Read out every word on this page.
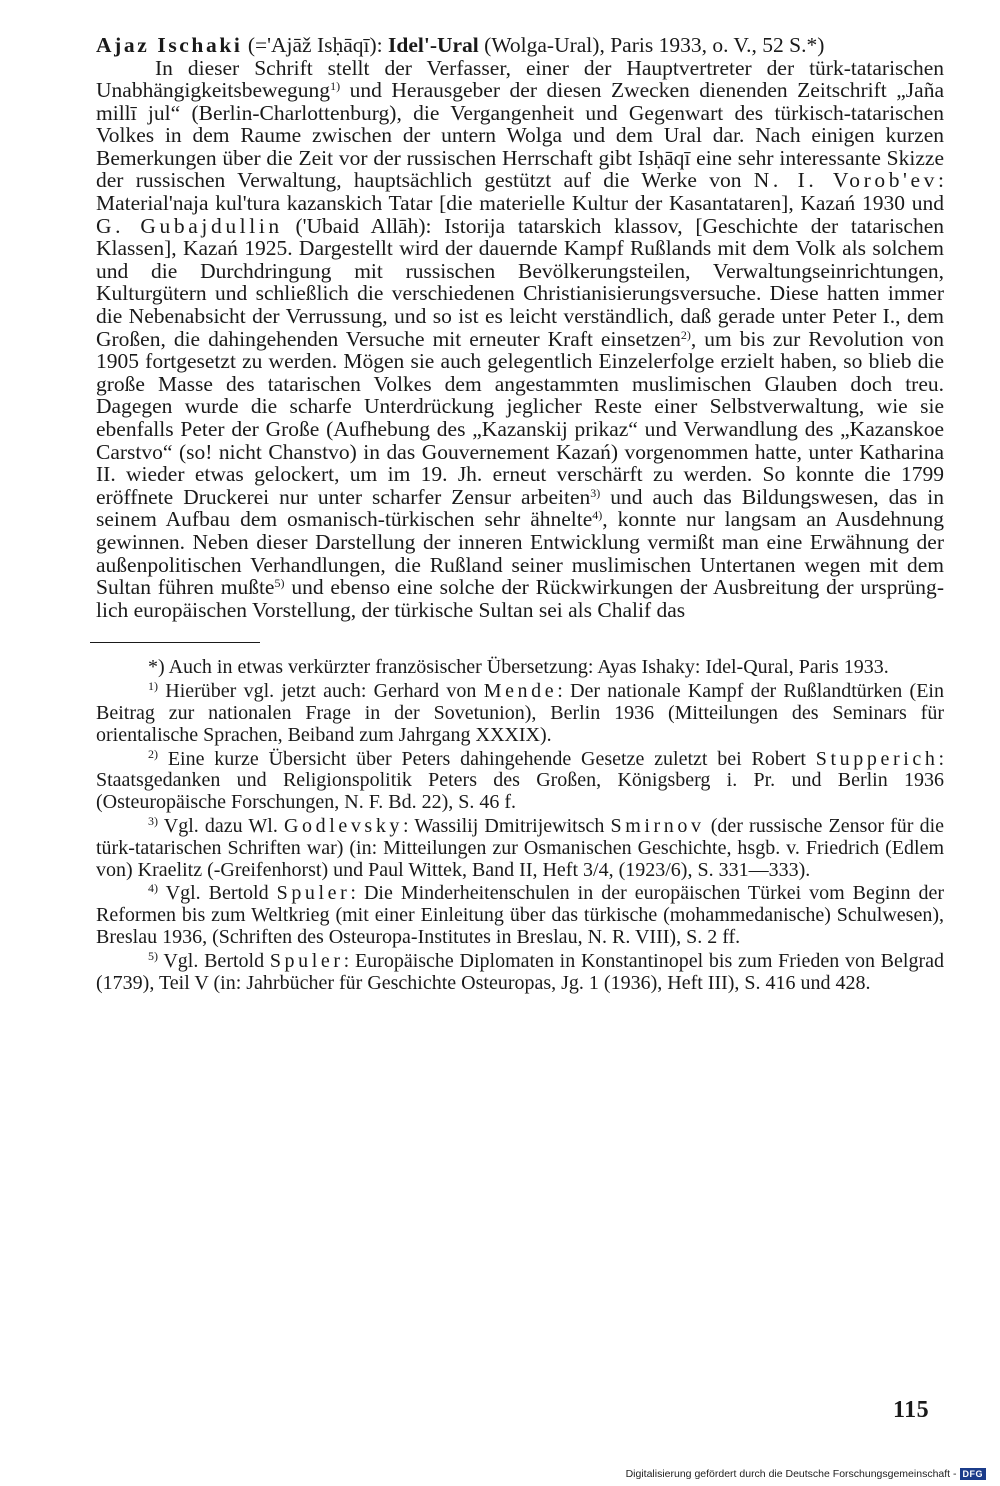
Ajaz Ischaki (='Ajāž Isḥāqī): Idel'-Ural (Wolga-Ural), Paris 1933, o. V., 52 S.*)

In dieser Schrift stellt der Verfasser, einer der Hauptvertreter der türk-tatarischen Unabhängigkeitsbewegung$^{1)}$ und Herausgeber der diesen Zwecken dienenden Zeitschrift „Jaña millī jul“ (Berlin-Charlottenburg), die Vergangenheit und Gegenwart des türkisch-tatarischen Volkes in dem Raume zwischen der untern Wolga und dem Ural dar. Nach einigen kurzen Bemerkungen über die Zeit vor der russischen Herrschaft gibt Isḥāqī eine sehr interessante Skizze der russischen Verwaltung, hauptsächlich gestützt auf die Werke von N. I. Vorob'ev: Material'naja kul'tura kazanskich Tatar [die materielle Kultur der Kasantataren], Kazań 1930 und G. Gubajdullin ('Ubaid Allāh): Istorija tatarskich klassov, [Geschichte der tatarischen Klassen], Kazań 1925. Dargestellt wird der dauernde Kampf Rußlands mit dem Volk als solchem und die Durchdringung mit russischen Bevölkerungsteilen, Verwaltungseinrichtungen, Kulturgütern und schließlich die verschiedenen Christianisierungsversuche. Diese hatten immer die Nebenabsicht der Verrussung, und so ist es leicht verständlich, daß gerade unter Peter I., dem Großen, die dahingehenden Versuche mit erneuter Kraft einsetzen$^{2)}$, um bis zur Revolution von 1905 fortgesetzt zu werden. Mögen sie auch gelegentlich Einzelerfolge erzielt haben, so blieb die große Masse des tatarischen Volkes dem angestammten muslimischen Glauben doch treu. Dagegen wurde die scharfe Unterdrückung jeglicher Reste einer Selbstverwaltung, wie sie ebenfalls Peter der Große (Aufhebung des „Kazanskij prikaz“ und Verwandlung des „Kazanskoe Carstvo“ (so! nicht Chanstvo) in das Gouvernement Kazań) vorgenommen hatte, unter Katharina II. wieder etwas gelockert, um im 19. Jh. erneut verschärft zu werden. So konnte die 1799 eröffnete Druckerei nur unter scharfer Zensur arbeiten$^{3)}$ und auch das Bildungswesen, das in seinem Aufbau dem osmanisch-türkischen sehr ähnelte$^{4)}$, konnte nur langsam an Ausdehnung gewinnen. Neben dieser Darstellung der inneren Entwicklung vermißt man eine Erwähnung der außenpolitischen Verhandlungen, die Rußland seiner muslimischen Untertanen wegen mit dem Sultan führen mußte$^{5)}$ und ebenso eine solche der Rückwirkungen der Ausbreitung der ursprünglich europäischen Vorstellung, der türkische Sultan sei als Chalif das

*) Auch in etwas verkürzter französischer Übersetzung: Ayas Ishaky: Idel-Qural, Paris 1933.

$^{1)}$ Hierüber vgl. jetzt auch: Gerhard von Mende: Der nationale Kampf der Rußlandtürken (Ein Beitrag zur nationalen Frage in der Sovetunion), Berlin 1936 (Mitteilungen des Seminars für orientalische Sprachen, Beiband zum Jahrgang XXXIX).

$^{2)}$ Eine kurze Übersicht über Peters dahingehende Gesetze zuletzt bei Robert Stupperich: Staatsgedanken und Religionspolitik Peters des Großen, Königsberg i. Pr. und Berlin 1936 (Osteuropäische Forschungen, N. F. Bd. 22), S. 46 f.

$^{3)}$ Vgl. dazu Wl. Godlevsky: Wassilij Dmitrijewitsch Smirnov (der russische Zensor für die türk-tatarischen Schriften war) (in: Mitteilungen zur Osmanischen Geschichte, hsgb. v. Friedrich (Edlem von) Kraelitz (-Greifenhorst) und Paul Wittek, Band II, Heft 3/4, (1923/6), S. 331—333).

$^{4)}$ Vgl. Bertold Spuler: Die Minderheitenschulen in der europäischen Türkei vom Beginn der Reformen bis zum Weltkrieg (mit einer Einleitung über das türkische (mohammedanische) Schulwesen), Breslau 1936, (Schriften des Osteuropa-Institutes in Breslau, N. R. VIII), S. 2 ff.

$^{5)}$ Vgl. Bertold Spuler: Europäische Diplomaten in Konstantinopel bis zum Frieden von Belgrad (1739), Teil V (in: Jahrbücher für Geschichte Osteuropas, Jg. 1 (1936), Heft III), S. 416 und 428.

115
Digitalisierung gefördert durch die Deutsche Forschungsgemeinschaft - DFG
